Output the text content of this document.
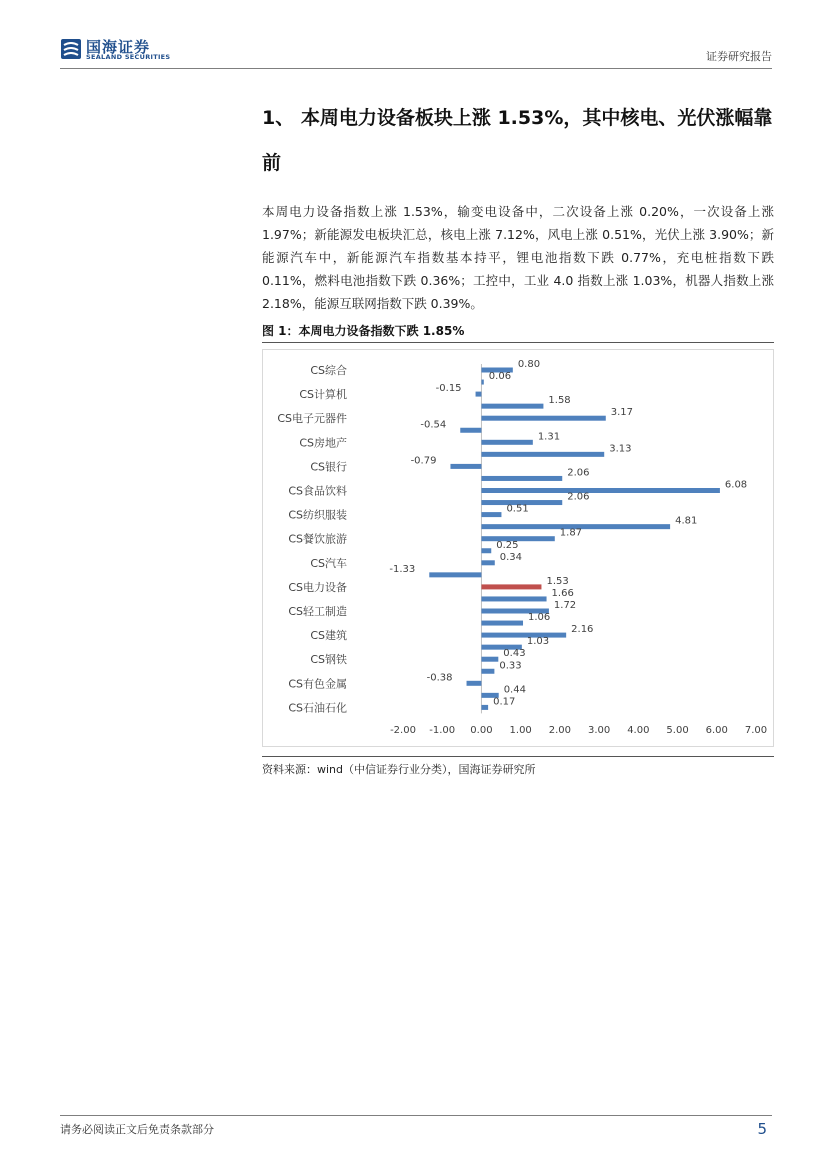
国海证券
SEALAND SECURITIES	证券研究报告
1、 本周电力设备板块上涨 1.53%，其中核电、光伏涨幅靠前
本周电力设备指数上涨 1.53%，输变电设备中，二次设备上涨 0.20%，一次设备上涨 1.97%；新能源发电板块汇总，核电上涨 7.12%，风电上涨 0.51%，光伏上涨 3.90%；新能源汽车中，新能源汽车指数基本持平，锂电池指数下跌 0.77%，充电桩指数下跌 0.11%，燃料电池指数下跌 0.36%；工控中，工业 4.0 指数上涨 1.03%，机器人指数上涨 2.18%，能源互联网指数下跌 0.39%。
图 1：本周电力设备指数下跌 1.85%
0.80
CS综合	0.06
-0.15
CS计算机	1.58
3.17
CS电子元器件	-0.54
1.31
CS房地产	3.13
-0.79
CS银行	2.06
6.08
CS食品饮料	2.06
0.51
CS纺织服装	4.81
1.87
CS餐饮旅游	0.25
0.34
CS汽车	-1.33
1.53
CS电力设备	1.66
1.72
CS轻工制造	1.06
2.16
CS建筑	1.03
0.43
CS钢铁	0.33
-0.38
CS有色金属	0.44
0.17
CS石油石化
-2.00 -1.00 0.00 1.00 2.00 3.00 4.00 5.00 6.00 7.00
资料来源：wind（中信证券行业分类），国海证券研究所
请务必阅读正文后免责条款部分	5
